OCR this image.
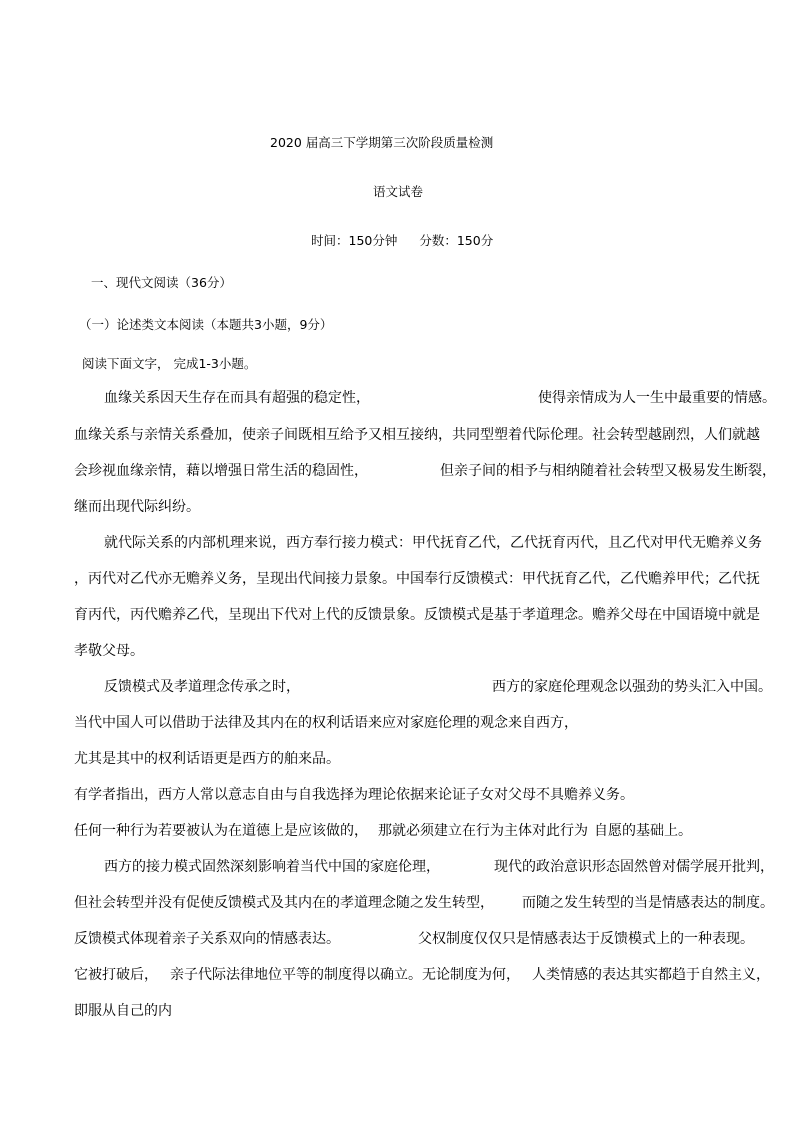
2020 届高三下学期第三次阶段质量检测
语文试卷
时间：150分钟 分数：150分
一、现代文阅读（36分）
（一）论述类文本阅读（本题共3小题，9分）
阅读下面文字， 完成1-3小题。
血缘关系因天生存在而具有超强的稳定性，	使得亲情成为人一生中最重要的情感。
血缘关系与亲情关系叠加，使亲子间既相互给予又相互接纳，共同型塑着代际伦理。社会转型越剧烈，人们就越
会珍视血缘亲情，藉以增强日常生活的稳固性，	但亲子间的相予与相纳随着社会转型又极易发生断裂，
继而出现代际纠纷。
就代际关系的内部机理来说，西方奉行接力模式：甲代抚育乙代，乙代抚育丙代，且乙代对甲代无赡养义务
，丙代对乙代亦无赡养义务，呈现出代间接力景象。中国奉行反馈模式：甲代抚育乙代，乙代赡养甲代；乙代抚
育丙代，丙代赡养乙代，呈现出下代对上代的反馈景象。反馈模式是基于孝道理念。赡养父母在中国语境中就是
孝敬父母。
反馈模式及孝道理念传承之时，	西方的家庭伦理观念以强劲的势头汇入中国。
当代中国人可以借助于法律及其内在的权利话语来应对家庭伦理的观念来自西方，
尤其是其中的权利话语更是西方的舶来品。
有学者指出，西方人常以意志自由与自我选择为理论依据来论证子女对父母不具赡养义务。
任何一种行为若要被认为在道德上是应该做的， 那就必须建立在行为主体对此行为 自愿的基础上。
西方的接力模式固然深刻影响着当代中国的家庭伦理，	现代的政治意识形态固然曾对儒学展开批判，
但社会转型并没有促使反馈模式及其内在的孝道理念随之发生转型， 而随之发生转型的当是情感表达的制度。
反馈模式体现着亲子关系双向的情感表达。	父权制度仅仅只是情感表达于反馈模式上的一种表现。
它被打破后， 亲子代际法律地位平等的制度得以确立。无论制度为何， 人类情感的表达其实都趋于自然主义，
即服从自己的内
